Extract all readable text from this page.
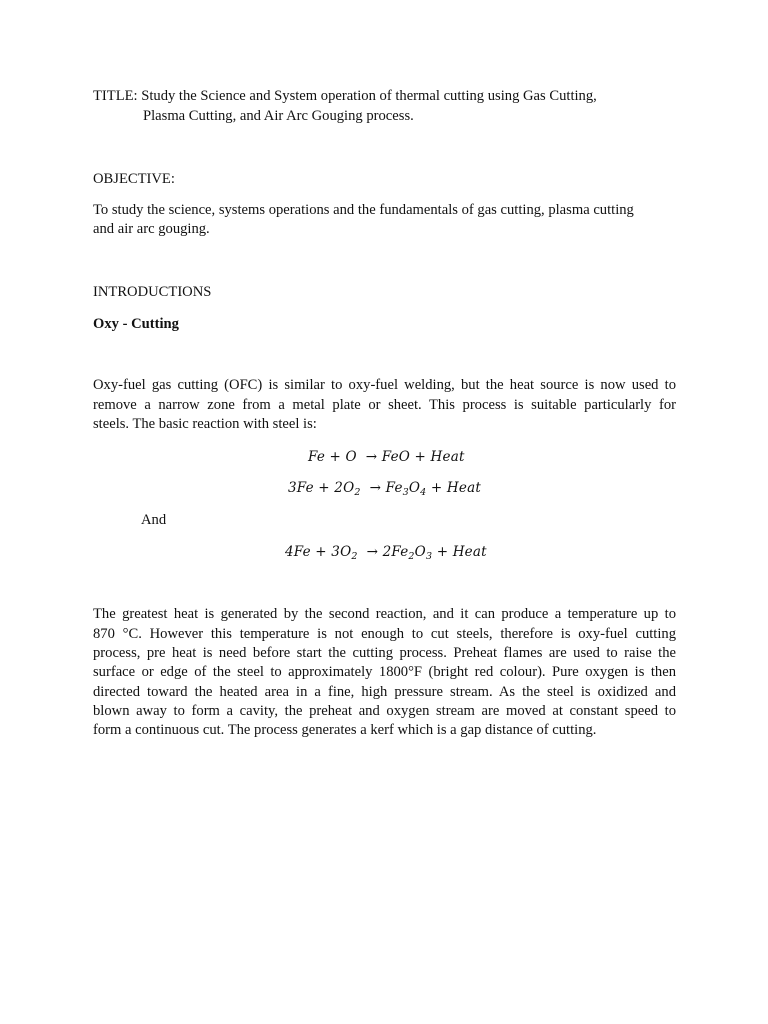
TITLE: Study the Science and System operation of thermal cutting using Gas Cutting,
Plasma Cutting, and Air Arc Gouging process.
OBJECTIVE:
To study the science, systems operations and the fundamentals of gas cutting, plasma cutting
and air arc gouging.
INTRODUCTIONS
Oxy - Cutting
Oxy-fuel gas cutting (OFC) is similar to oxy-fuel welding, but the heat source is now used to
remove a narrow zone from a metal plate or sheet. This process is suitable particularly for
steels. The basic reaction with steel is:
Fe + O → FeO + Heat
$3Fe + 2O_2 \to Fe_3O_4$ + Heat
And
$4Fe + 3O_2 \to 2Fe_2O_3$ + Heat
The greatest heat is generated by the second reaction, and it can produce a temperature up to
870 °C. However this temperature is not enough to cut steels, therefore is oxy-fuel cutting
process, pre heat is need before start the cutting process. Preheat flames are used to raise the
surface or edge of the steel to approximately 1800°F (bright red colour). Pure oxygen is then
directed toward the heated area in a fine, high pressure stream. As the steel is oxidized and
blown away to form a cavity, the preheat and oxygen stream are moved at constant speed to
form a continuous cut. The process generates a kerf which is a gap distance of cutting.
